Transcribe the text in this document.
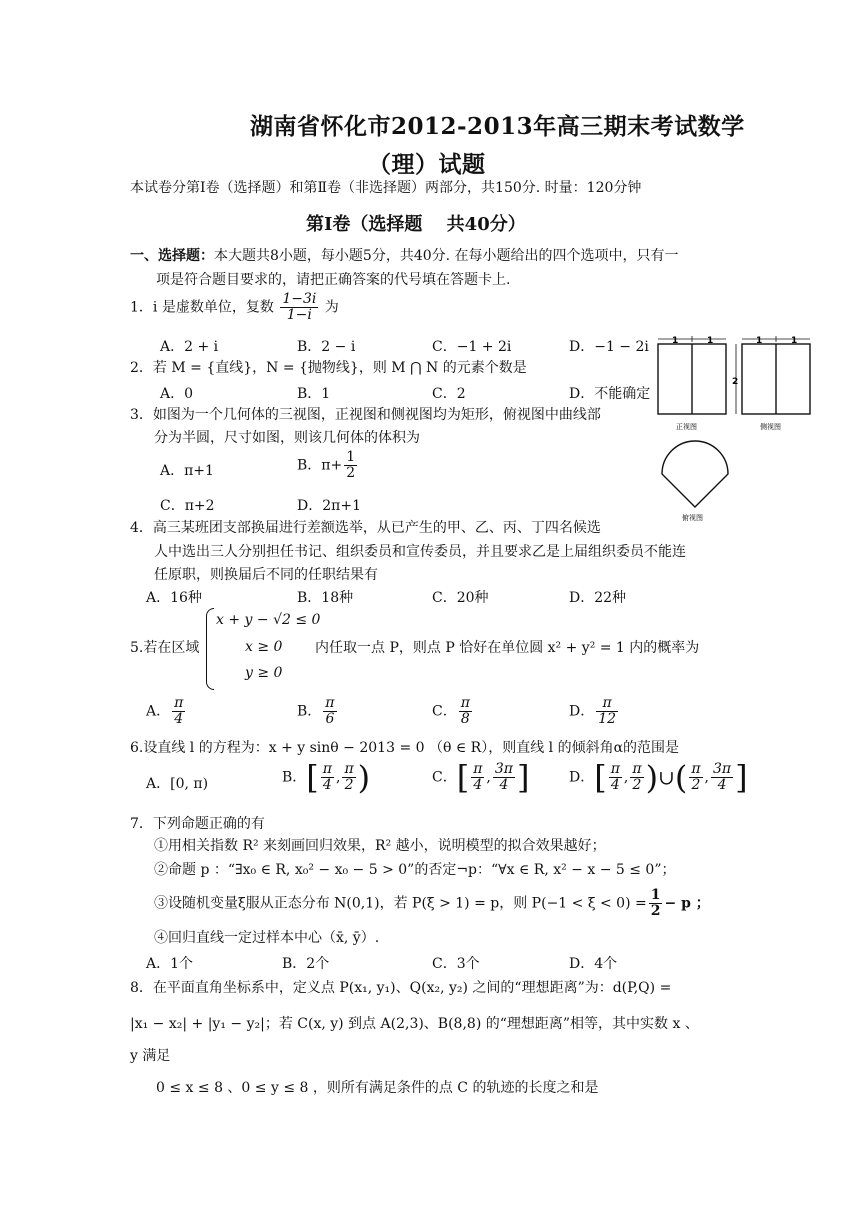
湖南省怀化市2012-2013年高三期末考试数学
（理）试题
本试卷分第Ⅰ卷（选择题）和第Ⅱ卷（非选择题）两部分，共150分. 时量：120分钟
第Ⅰ卷（选择题　 共40分）
一、选择题：本大题共8小题，每小题5分，共40分. 在每小题给出的四个选项中，只有一
项是符合题目要求的，请把正确答案的代号填在答题卡上.
1．i 是虚数单位，复数 $\frac{1-3i}{1-i}$ 为
A．2 + i	B．2 − i	C．−1 + 2i	D．−1 − 2i
2．若 M = {直线}，N = {抛物线}，则 M ⋂ N 的元素个数是
A．0	B．1	C．2	D．不能确定
3．如图为一个几何体的三视图，正视图和侧视图均为矩形，俯视图中曲线部
分为半圆，尺寸如图，则该几何体的体积为
A．π+1	B．$\pi+ \frac{1}{2}$
C．π+2	D．2π+1
1	1
正视图
1	1
2
侧视图
俯视图
4．高三某班团支部换届进行差额选举，从已产生的甲、乙、丙、丁四名候选
人中选出三人分别担任书记、组织委员和宣传委员，并且要求乙是上届组织委员不能连
任原职，则换届后不同的任职结果有
A．16种	B．18种	C．20种	D．22种
5.若在区域
x + y − √2 ≤ 0
x ≥ 0
y ≥ 0
内任取一点 P，则点 P 恰好在单位圆 x² + y² = 1 内的概率为
A． $\frac{\pi}{4}$	B． $\frac{\pi}{6}$	C． $\frac{\pi}{8}$	D． $\frac{\pi}{12}$
6.设直线 l 的方程为：x + y sinθ − 2013 = 0 （θ ∈ R），则直线 l 的倾斜角α的范围是
A．[0, π)	B．[ $\frac{\pi}{4}$ , $\frac{\pi}{2}$ )	C．[ $\frac{\pi}{4}$ , $\frac{3\pi}{4}$ ]	D．[ $\frac{\pi}{4}$ , $\frac{\pi}{2}$ )∪( $\frac{\pi}{2}$ , $\frac{3\pi}{4}$ ]
7．下列命题正确的有
①用相关指数 R² 来刻画回归效果，R² 越小，说明模型的拟合效果越好；
②命题 p ：“∃x₀ ∈ R, x₀² − x₀ − 5 > 0”的否定¬p：“∀x ∈ R, x² − x − 5 ≤ 0”；
③设随机变量ξ服从正态分布 N(0,1)，若 P(ξ > 1) = p，则 $P(-1 < \xi < 0) = \frac{1}{2} - p$ ；
④回归直线一定过样本中心（x̄, ȳ）.
A．1个	B．2个	C．3个	D．4个
8．在平面直角坐标系中，定义点 P(x₁, y₁)、Q(x₂, y₂) 之间的“理想距离”为：d(P,Q) =
|x₁ − x₂| + |y₁ − y₂|；若 C(x, y) 到点 A(2,3)、B(8,8) 的“理想距离”相等，其中实数 x 、
y 满足
0 ≤ x ≤ 8 、0 ≤ y ≤ 8 ，则所有满足条件的点 C 的轨迹的长度之和是
